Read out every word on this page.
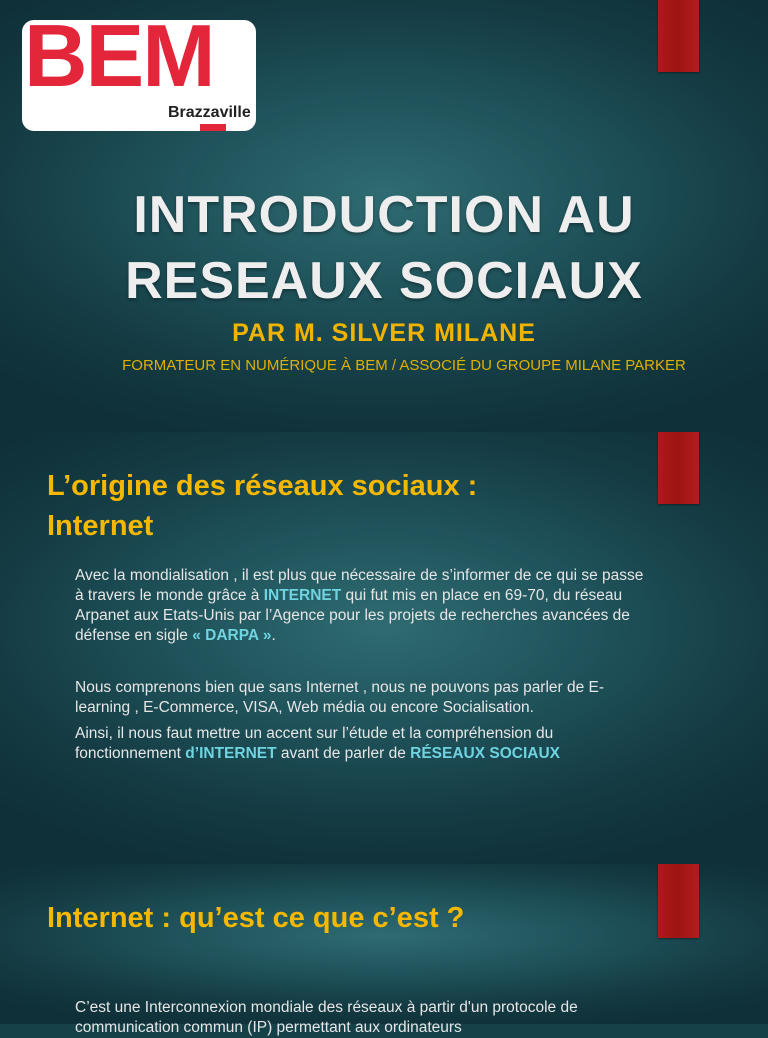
BEM
Brazzaville
INTRODUCTION AU
RESEAUX SOCIAUX
PAR M. SILVER MILANE
FORMATEUR EN NUMÉRIQUE À BEM / ASSOCIÉ DU GROUPE MILANE PARKER
L’origine des réseaux sociaux :
Internet

Avec la mondialisation , il est plus que nécessaire de s’informer de ce qui se passe à travers le monde grâce à INTERNET qui fut mis en place en 69-70, du réseau Arpanet aux Etats-Unis par l’Agence pour les projets de recherches avancées de défense en sigle « DARPA ».

Nous comprenons bien que sans Internet , nous ne pouvons pas parler de E-learning , E-Commerce, VISA, Web média ou encore Socialisation.

Ainsi, il nous faut mettre un accent sur l’étude et la compréhension du fonctionnement d’INTERNET avant de parler de RÉSEAUX SOCIAUX

Internet : qu’est ce que c’est ?

C’est une Interconnexion mondiale des réseaux à partir d'un protocole de communication commun (IP) permettant aux ordinateurs
